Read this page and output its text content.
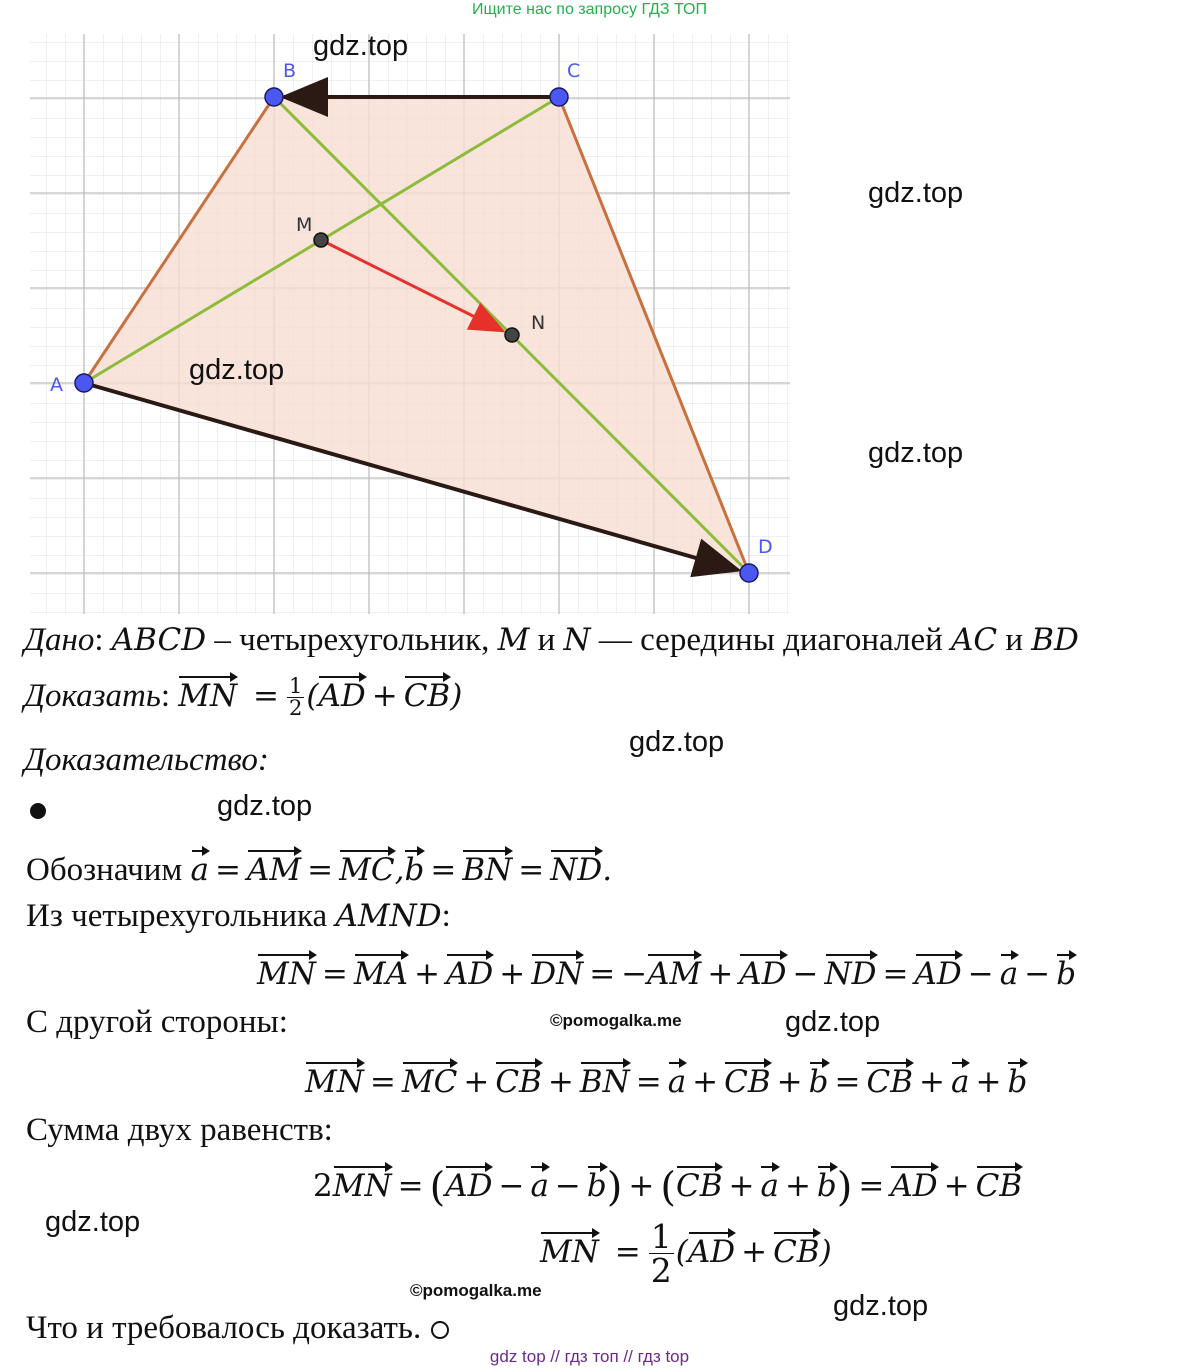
Ищите нас по запросу ГДЗ ТОП
A
B	C
D
M
N
gdz.top
gdz.top
gdz.top
gdz.top
gdz.top
gdz.top
gdz.top
gdz.top
gdz.top
©pomogalka.me
©pomogalka.me
Дано: ABCD – четырехугольник, M и N — середины диагоналей AC и BD
Доказать: MN = $\frac{1}{2} (AD + CB)$
Доказательство:
Обозначим a = AM = MC,b = BN = ND.
Из четырехугольника AMND:
MN = MA + AD + DN = −AM + AD − ND = AD − a − b
С другой стороны:
MN = MC + CB + BN = a + CB + b = CB + a + b
Сумма двух равенств:
2MN = (AD − a − b) + (CB + a + b) = AD + CB
MN = $\frac{1}{2} (AD + CB)$
Что и требовалось доказать.
gdz top // гдз топ // гдз top
